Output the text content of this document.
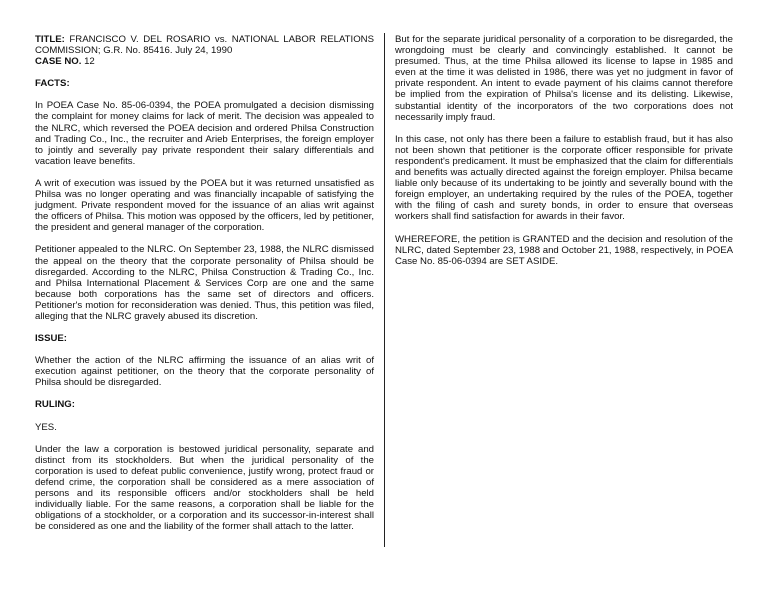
TITLE: FRANCISCO V. DEL ROSARIO vs. NATIONAL LABOR RELATIONS COMMISSION; G.R. No. 85416. July 24, 1990

CASE NO. 12

FACTS:

In POEA Case No. 85-06-0394, the POEA promulgated a decision dismissing the complaint for money claims for lack of merit. The decision was appealed to the NLRC, which reversed the POEA decision and ordered Philsa Construction and Trading Co., Inc., the recruiter and Arieb Enterprises, the foreign employer to jointly and severally pay private respondent their salary differentials and vacation leave benefits.

A writ of execution was issued by the POEA but it was returned unsatisfied as Philsa was no longer operating and was financially incapable of satisfying the judgment. Private respondent moved for the issuance of an alias writ against the officers of Philsa. This motion was opposed by the officers, led by petitioner, the president and general manager of the corporation.

Petitioner appealed to the NLRC. On September 23, 1988, the NLRC dismissed the appeal on the theory that the corporate personality of Philsa should be disregarded. According to the NLRC, Philsa Construction & Trading Co., Inc. and Philsa International Placement & Services Corp are one and the same because both corporations has the same set of directors and officers. Petitioner's motion for reconsideration was denied. Thus, this petition was filed, alleging that the NLRC gravely abused its discretion.

ISSUE:

Whether the action of the NLRC affirming the issuance of an alias writ of execution against petitioner, on the theory that the corporate personality of Philsa should be disregarded.

RULING:

YES.

Under the law a corporation is bestowed juridical personality, separate and distinct from its stockholders. But when the juridical personality of the corporation is used to defeat public convenience, justify wrong, protect fraud or defend crime, the corporation shall be considered as a mere association of persons and its responsible officers and/or stockholders shall be held individually liable. For the same reasons, a corporation shall be liable for the obligations of a stockholder, or a corporation and its successor-in-interest shall be considered as one and the liability of the former shall attach to the latter.

But for the separate juridical personality of a corporation to be disregarded, the wrongdoing must be clearly and convincingly established. It cannot be presumed. Thus, at the time Philsa allowed its license to lapse in 1985 and even at the time it was delisted in 1986, there was yet no judgment in favor of private respondent. An intent to evade payment of his claims cannot therefore be implied from the expiration of Philsa's license and its delisting. Likewise, substantial identity of the incorporators of the two corporations does not necessarily imply fraud.

In this case, not only has there been a failure to establish fraud, but it has also not been shown that petitioner is the corporate officer responsible for private respondent's predicament. It must be emphasized that the claim for differentials and benefits was actually directed against the foreign employer. Philsa became liable only because of its undertaking to be jointly and severally bound with the foreign employer, an undertaking required by the rules of the POEA, together with the filing of cash and surety bonds, in order to ensure that overseas workers shall find satisfaction for awards in their favor.

WHEREFORE, the petition is GRANTED and the decision and resolution of the NLRC, dated September 23, 1988 and October 21, 1988, respectively, in POEA Case No. 85-06-0394 are SET ASIDE.
